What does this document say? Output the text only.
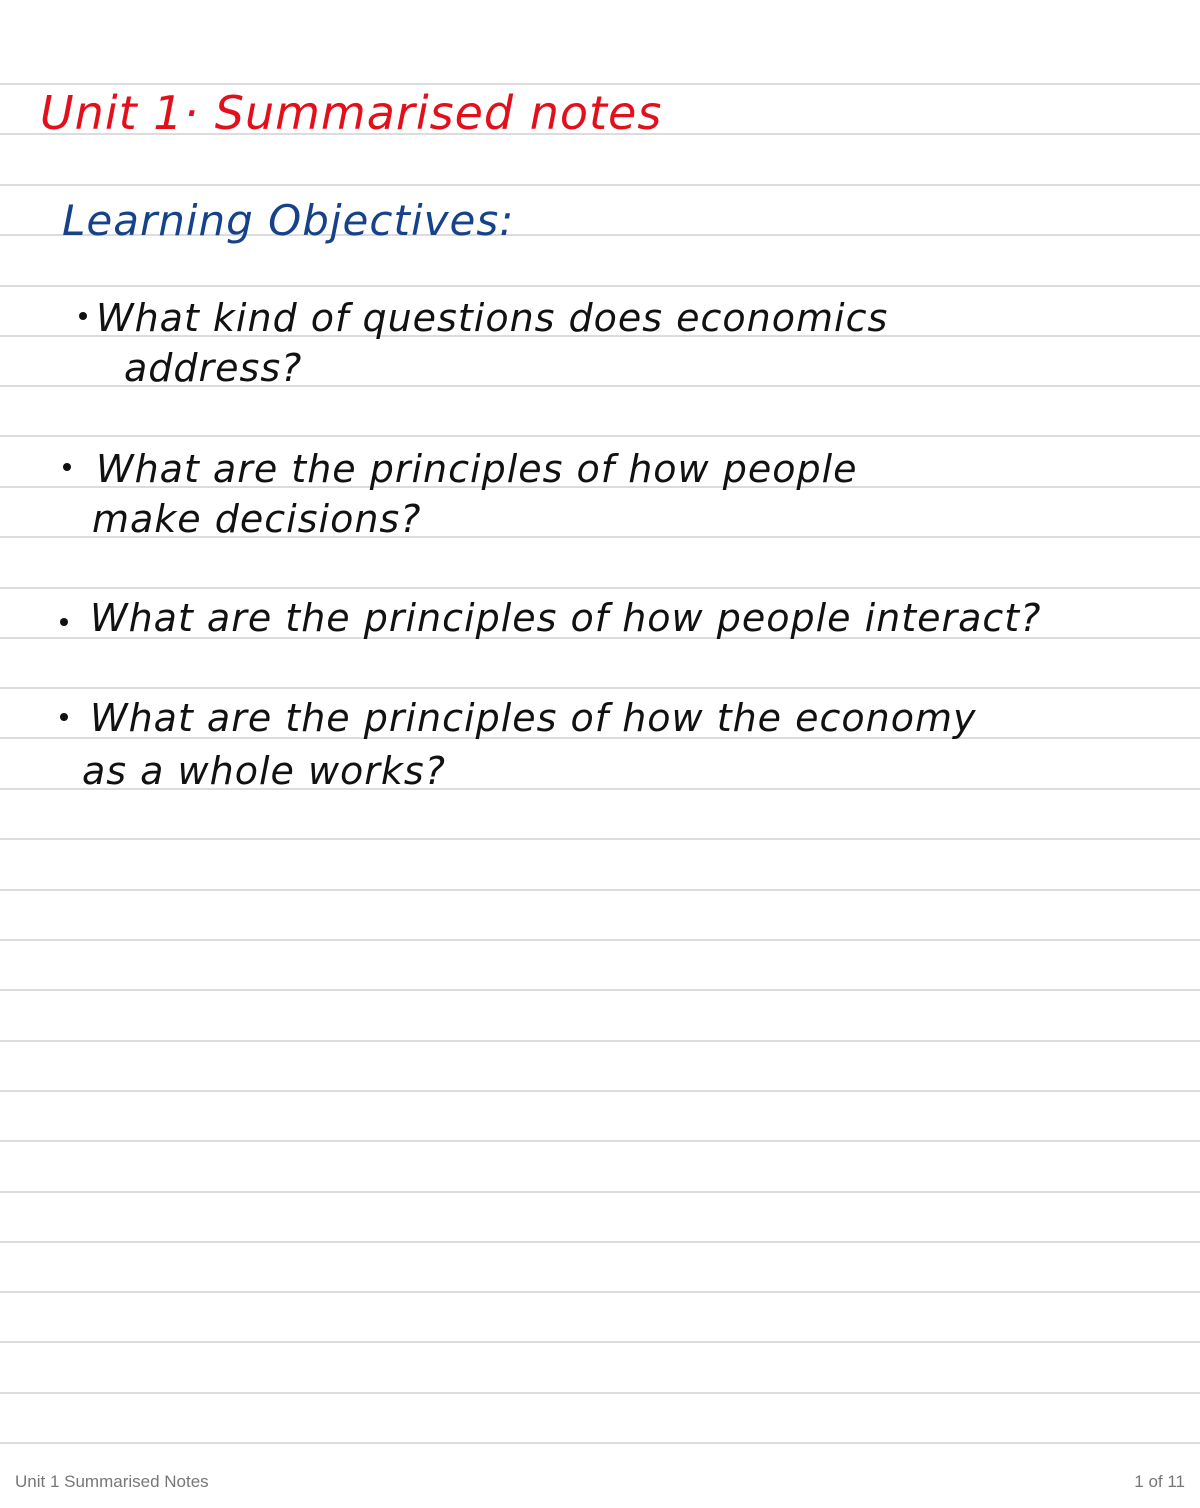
Unit 1· Summarised notes
Learning Objectives:
What kind of questions does economics
address?
What are the principles of how people
make decisions?
What are the principles of how people interact?
What are the principles of how the economy
as a whole works?
Unit 1 Summarised Notes	1 of 11
